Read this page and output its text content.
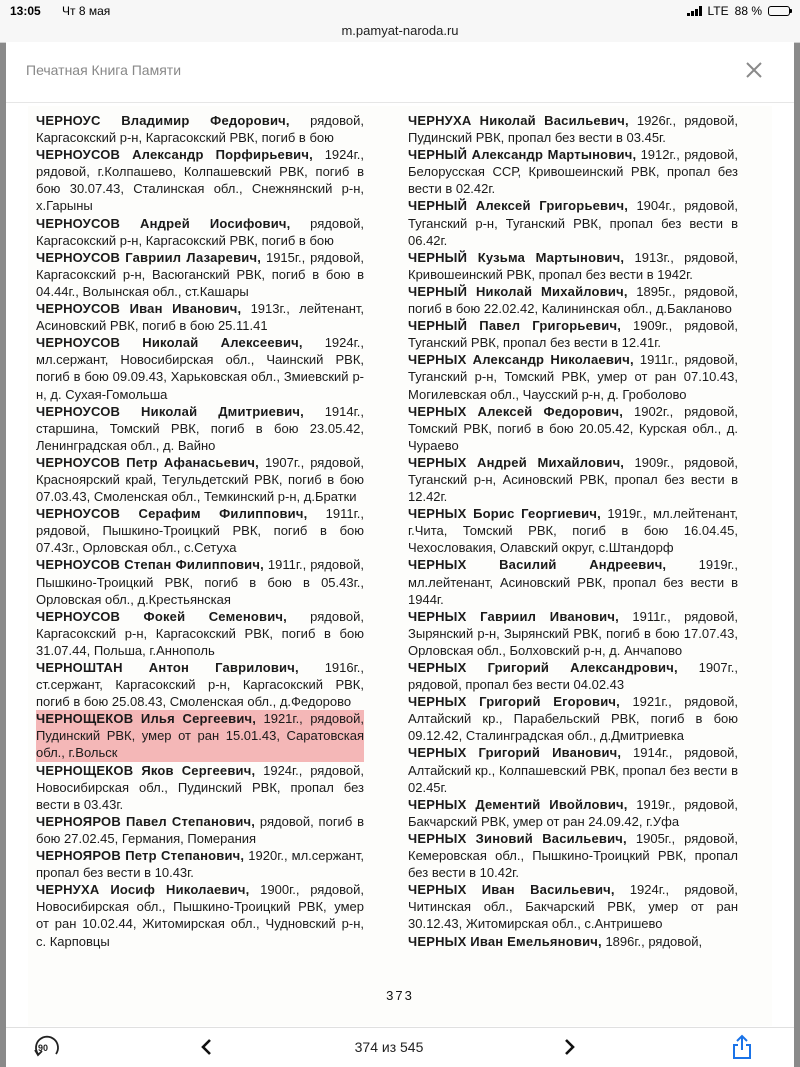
13:05 Чт 8 мая	LTE 88 %
m.pamyat-naroda.ru
Печатная Книга Памяти

ЧЕРНОУС Владимир Федорович, рядовой, Каргасокский р-н, Каргасокский РВК, погиб в бою

ЧЕРНОУСОВ Александр Порфирьевич, 1924г., рядовой, г.Колпашево, Колпашевский РВК, погиб в бою 30.07.43, Сталинская обл., Снежнянский р-н, х.Гарыны

ЧЕРНОУСОВ Андрей Иосифович, рядовой, Каргасокский р-н, Каргасокский РВК, погиб в бою

ЧЕРНОУСОВ Гавриил Лазаревич, 1915г., рядовой, Каргасокский р-н, Васюганский РВК, погиб в бою в 04.44г., Волынская обл., ст.Кашары

ЧЕРНОУСОВ Иван Иванович, 1913г., лейтенант, Асиновский РВК, погиб в бою 25.11.41

ЧЕРНОУСОВ Николай Алексеевич, 1924г., мл.сержант, Новосибирская обл., Чаинский РВК, погиб в бою 09.09.43, Харьковская обл., Змиевский р-н, д. Сухая-Гомольша

ЧЕРНОУСОВ Николай Дмитриевич, 1914г., старшина, Томский РВК, погиб в бою 23.05.42, Ленинградская обл., д. Вайно

ЧЕРНОУСОВ Петр Афанасьевич, 1907г., рядовой, Красноярский край, Тегульдетский РВК, погиб в бою 07.03.43, Смоленская обл., Темкинский р-н, д.Братки

ЧЕРНОУСОВ Серафим Филиппович, 1911г., рядовой, Пышкино-Троицкий РВК, погиб в бою 07.43г., Орловская обл., с.Сетуха

ЧЕРНОУСОВ Степан Филиппович, 1911г., рядовой, Пышкино-Троицкий РВК, погиб в бою в 05.43г., Орловская обл., д.Крестьянская

ЧЕРНОУСОВ Фокей Семенович, рядовой, Каргасокский р-н, Каргасокский РВК, погиб в бою 31.07.44, Польша, г.Аннополь

ЧЕРНОШТАН Антон Гаврилович, 1916г., ст.сержант, Каргасокский р-н, Каргасокский РВК, погиб в бою 25.08.43, Смоленская обл., д.Федорово

ЧЕРНОЩЕКОВ Илья Сергеевич, 1921г., рядовой, Пудинский РВК, умер от ран 15.01.43, Саратовская обл., г.Вольск

ЧЕРНОЩЕКОВ Яков Сергеевич, 1924г., рядовой, Новосибирская обл., Пудинский РВК, пропал без вести в 03.43г.

ЧЕРНОЯРОВ Павел Степанович, рядовой, погиб в бою 27.02.45, Германия, Померания

ЧЕРНОЯРОВ Петр Степанович, 1920г., мл.сержант, пропал без вести в 10.43г.

ЧЕРНУХА Иосиф Николаевич, 1900г., рядовой, Новосибирская обл., Пышкино-Троицкий РВК, умер от ран 10.02.44, Житомирская обл., Чудновский р-н, с. Карповцы

ЧЕРНУХА Николай Васильевич, 1926г., рядовой, Пудинский РВК, пропал без вести в 03.45г.

ЧЕРНЫЙ Александр Мартынович, 1912г., рядовой, Белорусская ССР, Кривошеинский РВК, пропал без вести в 02.42г.

ЧЕРНЫЙ Алексей Григорьевич, 1904г., рядовой, Туганский р-н, Туганский РВК, пропал без вести в 06.42г.

ЧЕРНЫЙ Кузьма Мартынович, 1913г., рядовой, Кривошеинский РВК, пропал без вести в 1942г.

ЧЕРНЫЙ Николай Михайлович, 1895г., рядовой, погиб в бою 22.02.42, Калининская обл., д.Бакланово

ЧЕРНЫЙ Павел Григорьевич, 1909г., рядовой, Туганский РВК, пропал без вести в 12.41г.

ЧЕРНЫХ Александр Николаевич, 1911г., рядовой, Туганский р-н, Томский РВК, умер от ран 07.10.43, Могилевская обл., Чаусский р-н, д. Гроболово

ЧЕРНЫХ Алексей Федорович, 1902г., рядовой, Томский РВК, погиб в бою 20.05.42, Курская обл., д. Чураево

ЧЕРНЫХ Андрей Михайлович, 1909г., рядовой, Туганский р-н, Асиновский РВК, пропал без вести в 12.42г.

ЧЕРНЫХ Борис Георгиевич, 1919г., мл.лейтенант, г.Чита, Томский РВК, погиб в бою 16.04.45, Чехословакия, Олавский округ, с.Штандорф

ЧЕРНЫХ Василий Андреевич, 1919г., мл.лейтенант, Асиновский РВК, пропал без вести в 1944г.

ЧЕРНЫХ Гавриил Иванович, 1911г., рядовой, Зырянский р-н, Зырянский РВК, погиб в бою 17.07.43, Орловская обл., Болховский р-н, д. Анчапово

ЧЕРНЫХ Григорий Александрович, 1907г., рядовой, пропал без вести 04.02.43

ЧЕРНЫХ Григорий Егорович, 1921г., рядовой, Алтайский кр., Парабельский РВК, погиб в бою 09.12.42, Сталинградская обл., д.Дмитриевка

ЧЕРНЫХ Григорий Иванович, 1914г., рядовой, Алтайский кр., Колпашевский РВК, пропал без вести в 02.45г.

ЧЕРНЫХ Дементий Ивойлович, 1919г., рядовой, Бакчарский РВК, умер от ран 24.09.42, г.Уфа

ЧЕРНЫХ Зиновий Васильевич, 1905г., рядовой, Кемеровская обл., Пышкино-Троицкий РВК, пропал без вести в 10.42г.

ЧЕРНЫХ Иван Васильевич, 1924г., рядовой, Читинская обл., Бакчарский РВК, умер от ран 30.12.43, Житомирская обл., с.Антришево

ЧЕРНЫХ Иван Емельянович, 1896г., рядовой,

373
90	374 из 545
